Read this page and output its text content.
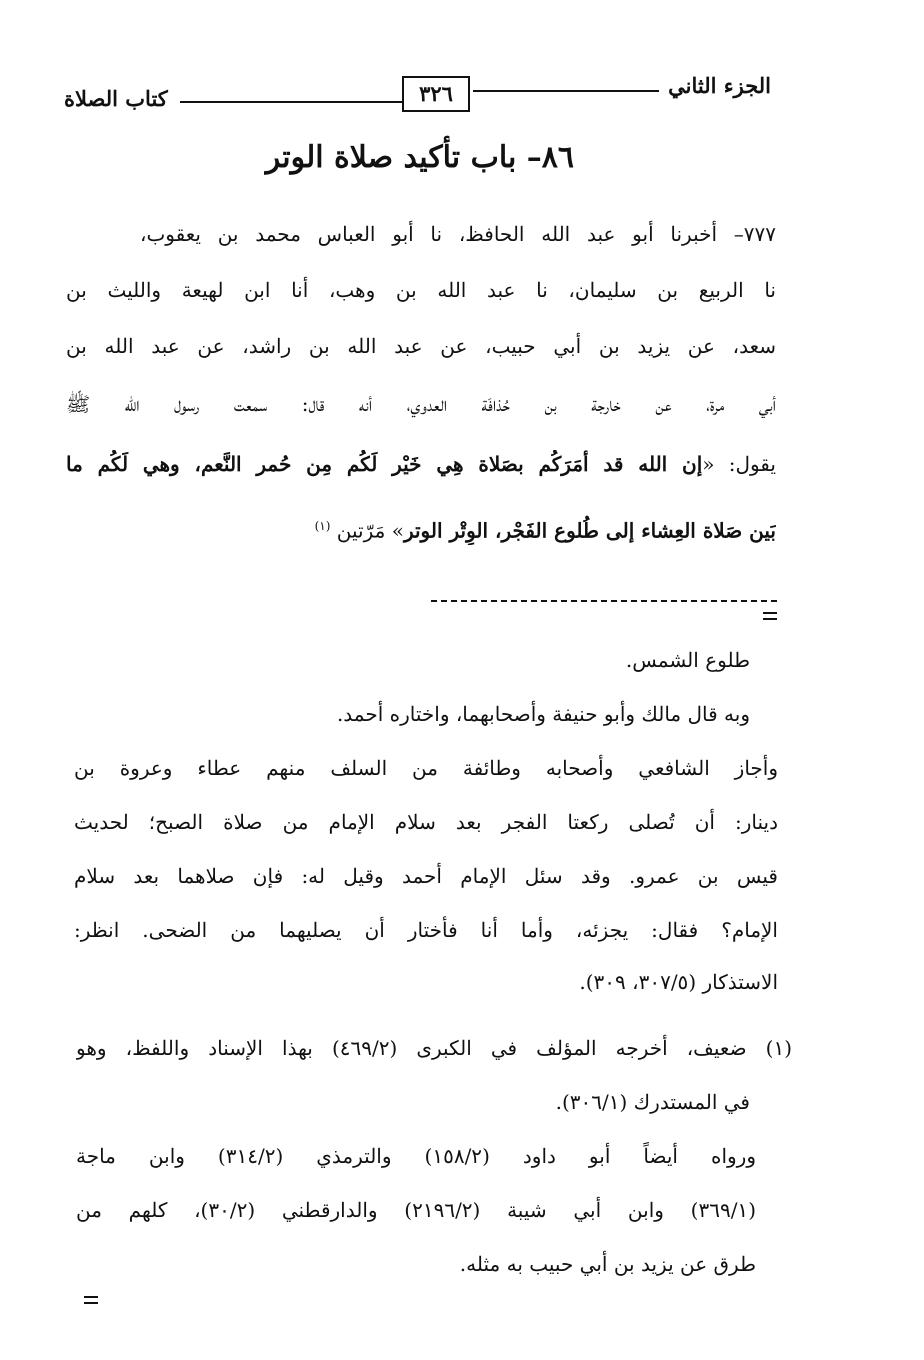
الجزء الثاني
٣٢٦
كتاب الصلاة
٨٦– باب تأكيد صلاة الوتر
٧٧٧– أخبرنا أبو عبد الله الحافظ، نا أبو العباس محمد بن يعقوب،
نا الربيع بن سليمان، نا عبد الله بن وهب، أنا ابن لهيعة والليث بن
سعد، عن يزيد بن أبي حبيب، عن عبد الله بن راشد، عن عبد الله بن
أبي مرة، عن خارجة بن حُذافَة العدوي، أنه قال: سمعت رسول الله ﷺ
يقول: «إن الله قد أمَرَكُم بصَلاة هِي خَيْر لَكُم مِن حُمر النَّعم، وهي لَكُم ما
بَين صَلاة العِشاء إلى طُلوع الفَجْر، الوِتْر الوتر» مَرّتين $^{(١)}$
طلوع الشمس.
وبه قال مالك وأبو حنيفة وأصحابهما، واختاره أحمد.
وأجاز الشافعي وأصحابه وطائفة من السلف منهم عطاء وعروة بن
دينار: أن تُصلى ركعتا الفجر بعد سلام الإمام من صلاة الصبح؛ لحديث
قيس بن عمرو. وقد سئل الإمام أحمد وقيل له: فإن صلاهما بعد سلام
الإمام؟ فقال: يجزئه، وأما أنا فأختار أن يصليهما من الضحى. انظر:
الاستذكار (٣٠٧/٥، ٣٠٩).
(١) ضعيف، أخرجه المؤلف في الكبرى (٤٦٩/٢) بهذا الإسناد واللفظ، وهو
في المستدرك (٣٠٦/١).
ورواه أيضاً أبو داود (١٥٨/٢) والترمذي (٣١٤/٢) وابن ماجة
(٣٦٩/١) وابن أبي شيبة (٢١٩٦/٢) والدارقطني (٣٠/٢)، كلهم من
طرق عن يزيد بن أبي حبيب به مثله.
